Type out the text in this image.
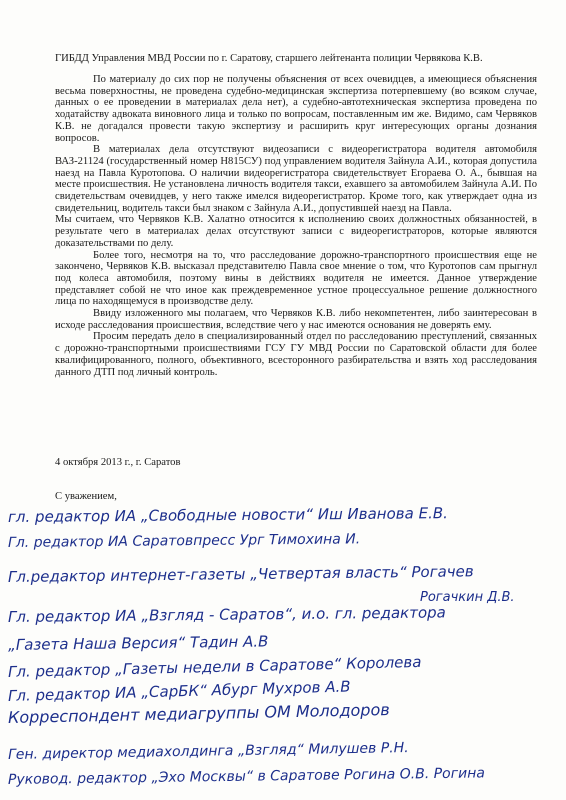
ГИБДД Управления МВД России по г. Саратову, старшего лейтенанта полиции Червякова К.В.

По материалу до сих пор не получены объяснения от всех очевидцев, а имеющиеся объяснения весьма поверхностны, не проведена судебно-медицинская экспертиза потерпевшему (во всяком случае, данных о ее проведении в материалах дела нет), а судебно-автотехническая экспертиза проведена по ходатайству адвоката виновного лица и только по вопросам, поставленным им же. Видимо, сам Червяков К.В. не догадался провести такую экспертизу и расширить круг интересующих органы дознания вопросов.

В материалах дела отсутствуют видеозаписи с видеорегистратора водителя автомобиля ВАЗ-21124 (государственный номер Н815СУ) под управлением водителя Зайнула А.И., которая допустила наезд на Павла Куротопова. О наличии видеорегистратора свидетельствует Егораева О. А., бывшая на месте происшествия. Не установлена личность водителя такси, ехавшего за автомобилем Зайнула А.И. По свидетельствам очевидцев, у него также имелся видеорегистратор. Кроме того, как утверждает одна из свидетельниц, водитель такси был знаком с Зайнула А.И., допустившей наезд на Павла.

Мы считаем, что Червяков К.В. Халатно относится к исполнению своих должностных обязанностей, в результате чего в материалах делах отсутствуют записи с видеорегистраторов, которые являются доказательствами по делу.

Более того, несмотря на то, что расследование дорожно-транспортного происшествия еще не закончено, Червяков К.В. высказал представителю Павла свое мнение о том, что Куротопов сам прыгнул под колеса автомобиля, поэтому вины в действиях водителя не имеется. Данное утверждение представляет собой не что иное как преждевременное устное процессуальное решение должностного лица по находящемуся в производстве делу.

Ввиду изложенного мы полагаем, что Червяков К.В. либо некомпетентен, либо заинтересован в исходе расследования происшествия, вследствие чего у нас имеются основания не доверять ему.

Просим передать дело в специализированный отдел по расследованию преступлений, связанных с дорожно-транспортными происшествиями ГСУ ГУ МВД России по Саратовской области для более квалифицированного, полного, объективного, всесторонного разбирательства и взять ход расследования данного ДТП под личный контроль.

4 октября 2013 г., г. Саратов
С уважением,
гл. редактор ИА „Свободные новости“ Иш Иванова Е.В.
Гл. редактор ИА Саратовпресс Ург Тимохина И.
Гл.редактор интернет-газеты „Четвертая власть“ Рогачев
Рогачкин Д.В.
Гл. редактор ИА „Взгляд - Саратов“, и.о. гл. редактора
„Газета Наша Версия“ Тадин А.В
Гл. редактор „Газеты недели в Саратове“ Королева
Гл. редактор ИА „СарБК“ Абург Мухров А.В
Корреспондент медиагруппы ОМ Молодоров
Ген. директор медиахолдинга „Взгляд“ Милушев Р.Н.
Руковод. редактор „Эхо Москвы“ в Саратове Рогина О.В. Рогина
